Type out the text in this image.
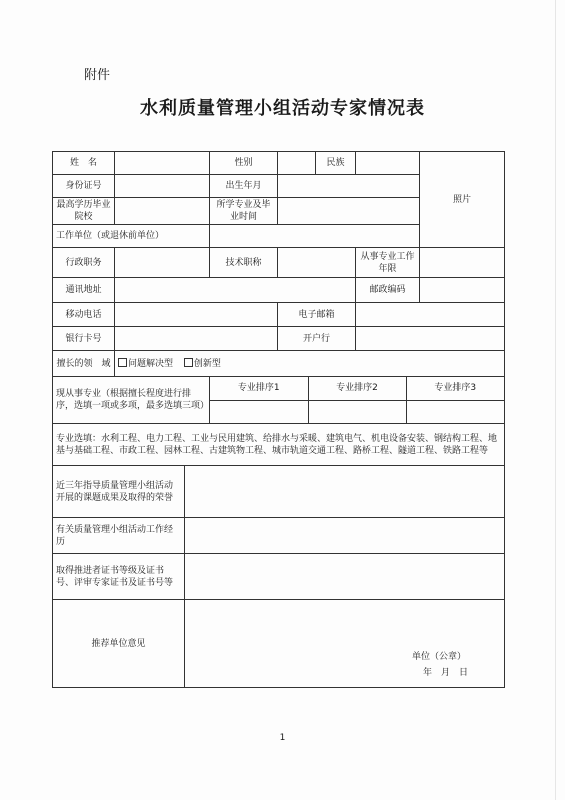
附件
水利质量管理小组活动专家情况表
姓　名		性别		民族		照片
身份证号		出生年月	
最高学历毕业院校		所学专业及毕业时间	
工作单位（或退休前单位）	
行政职务		技术职称		从事专业工作年限	
通讯地址		邮政编码	
移动电话		电子邮箱	
银行卡号		开户行	
擅长的领　域	问题解决型 创新型
现从事专业（根据擅长程度进行排序，选填一项或多项，最多选填三项）	
专业排序1	专业排序2	专业排序3

专业选填：水利工程、电力工程、工业与民用建筑、给排水与采暖、建筑电气、机电设备安装、钢结构工程、地基与基础工程、市政工程、园林工程、古建筑物工程、城市轨道交通工程、路桥工程、隧道工程、铁路工程等
近三年指导质量管理小组活动开展的课题成果及取得的荣誉	
有关质量管理小组活动工作经历	
取得推进者证书等级及证书号、评审专家证书及证书号等	
推荐单位意见	
单位（公章）
年　月　日
1
